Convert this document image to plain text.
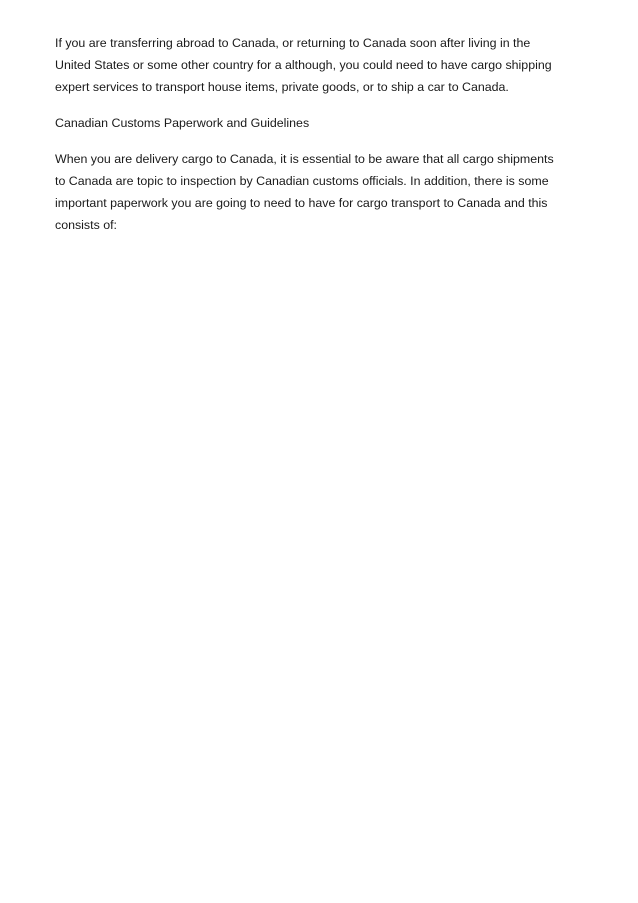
If you are transferring abroad to Canada, or returning to Canada soon after living in the
United States or some other country for a although, you could need to have cargo shipping
expert services to transport house items, private goods, or to ship a car to Canada.

Canadian Customs Paperwork and Guidelines

When you are delivery cargo to Canada, it is essential to be aware that all cargo shipments
to Canada are topic to inspection by Canadian customs officials. In addition, there is some
important paperwork you are going to need to have for cargo transport to Canada and this
consists of:
